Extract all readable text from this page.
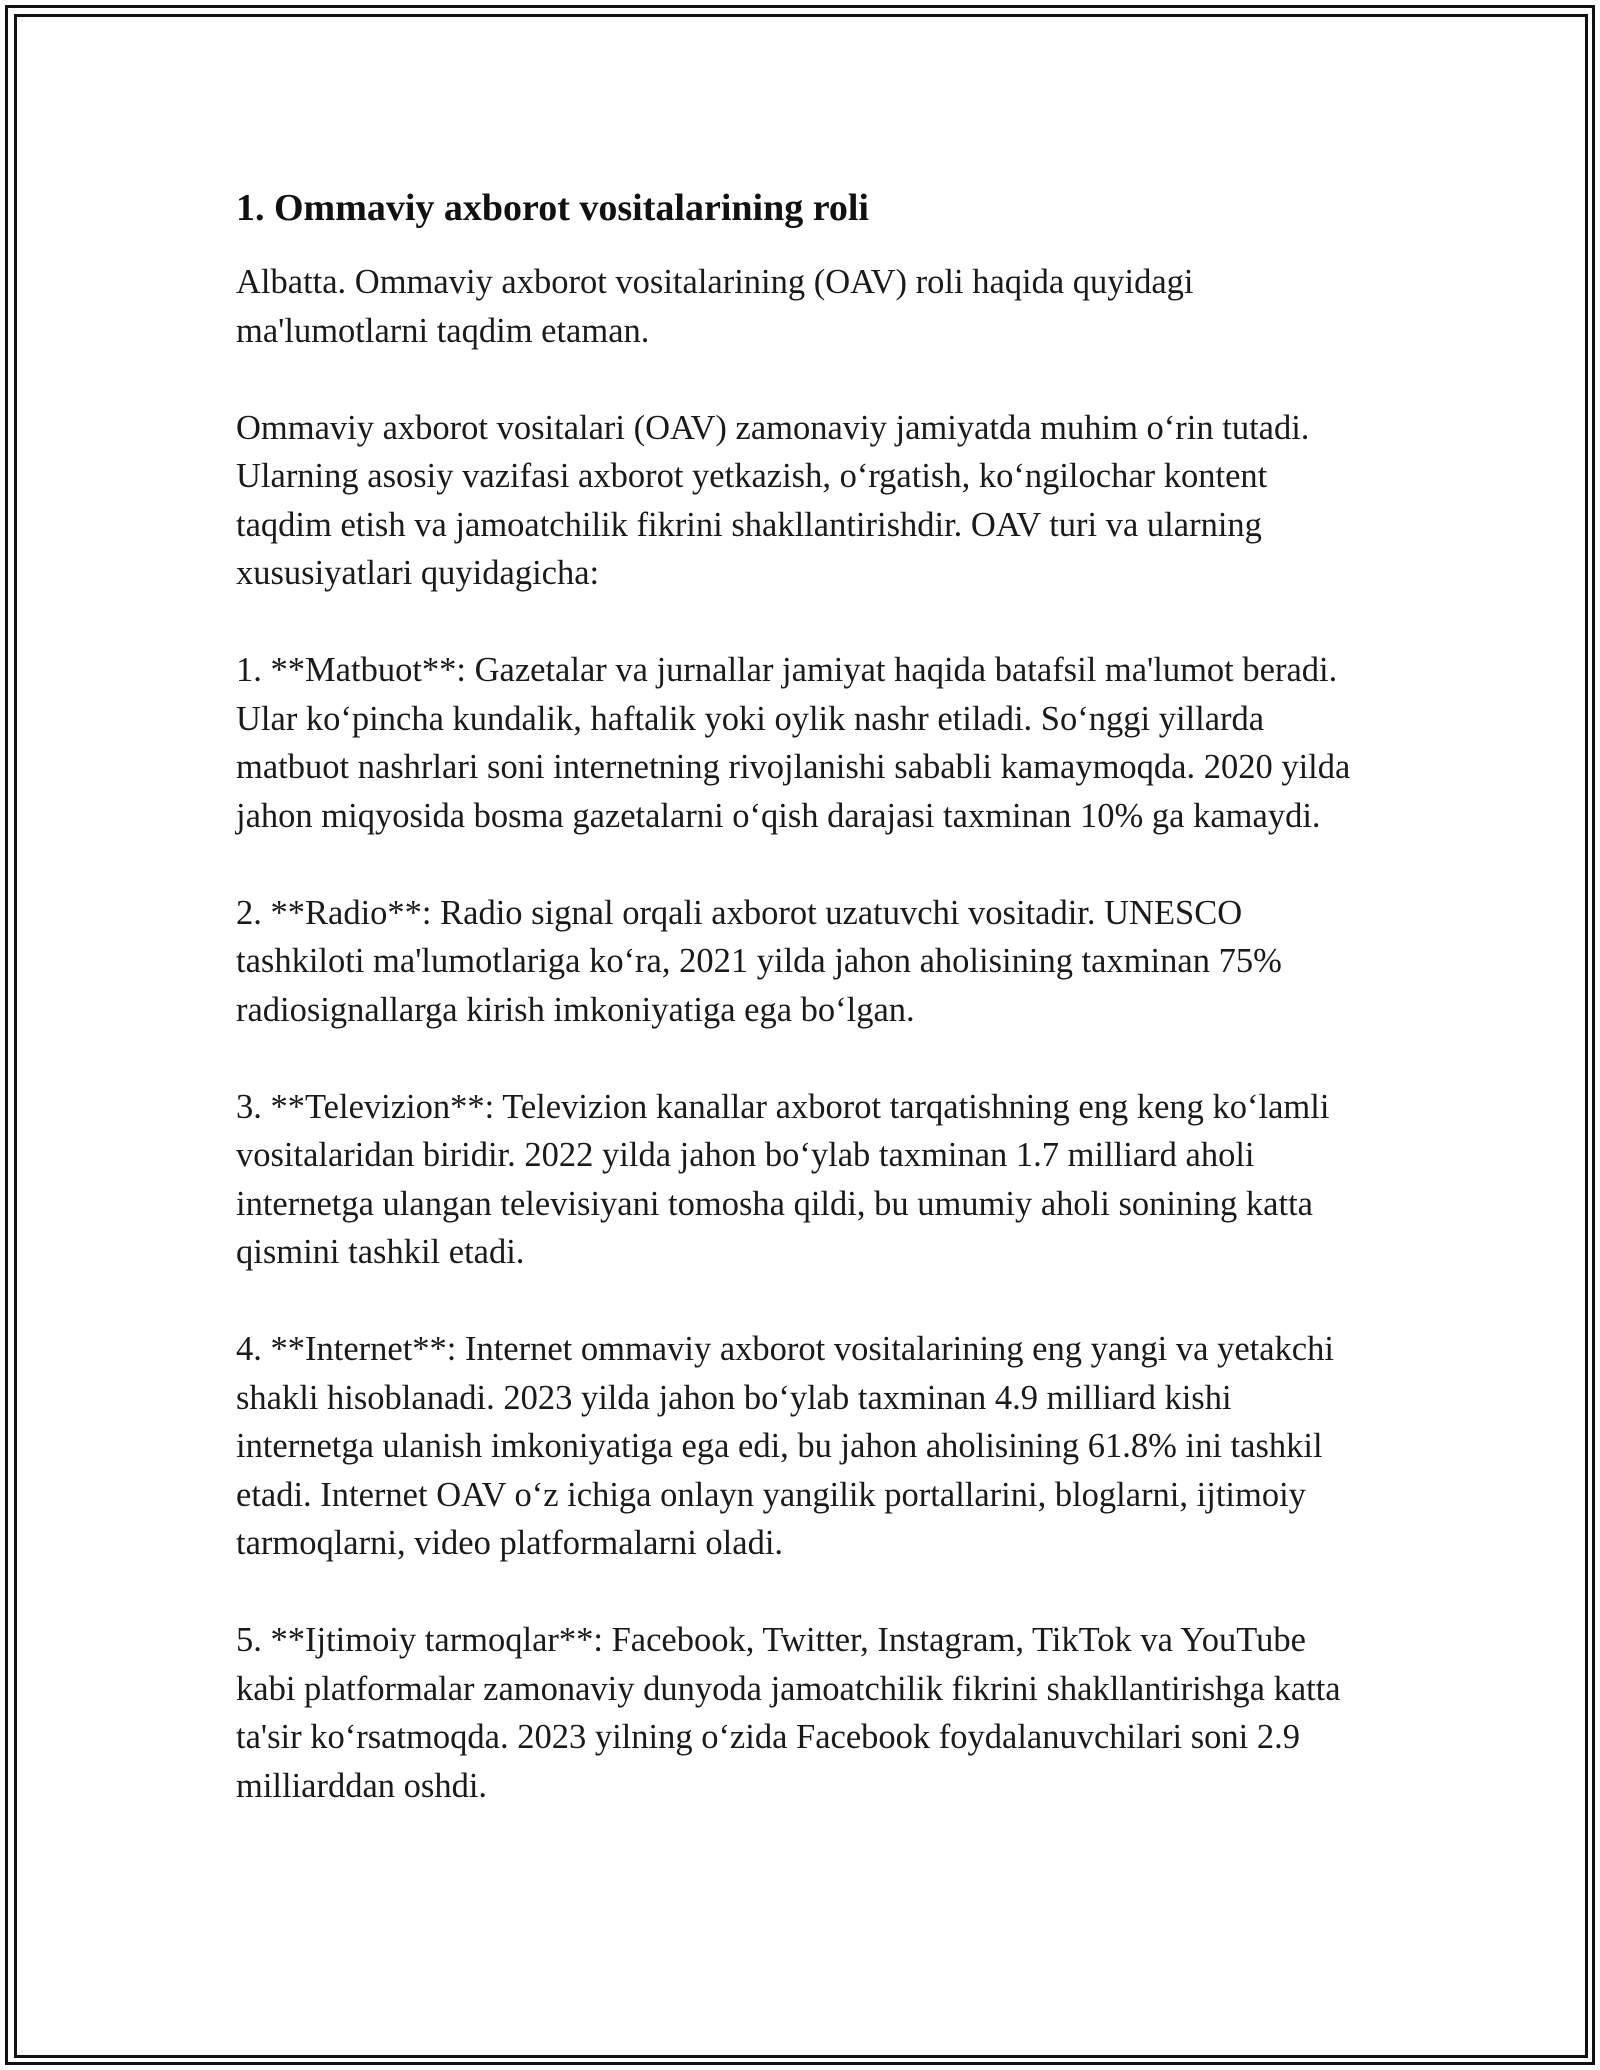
1. Ommaviy axborot vositalarining roli

Albatta. Ommaviy axborot vositalarining (OAV) roli haqida quyidagi ma'lumotlarni taqdim etaman.

Ommaviy axborot vositalari (OAV) zamonaviy jamiyatda muhim o‘rin tutadi. Ularning asosiy vazifasi axborot yetkazish, o‘rgatish, ko‘ngilochar kontent taqdim etish va jamoatchilik fikrini shakllantirishdir. OAV turi va ularning xususiyatlari quyidagicha:

1. **Matbuot**: Gazetalar va jurnallar jamiyat haqida batafsil ma'lumot beradi. Ular ko‘pincha kundalik, haftalik yoki oylik nashr etiladi. So‘nggi yillarda matbuot nashrlari soni internetning rivojlanishi sababli kamaymoqda. 2020 yilda jahon miqyosida bosma gazetalarni o‘qish darajasi taxminan 10% ga kamaydi.

2. **Radio**: Radio signal orqali axborot uzatuvchi vositadir. UNESCO tashkiloti ma'lumotlariga ko‘ra, 2021 yilda jahon aholisining taxminan 75% radiosignallarga kirish imkoniyatiga ega bo‘lgan.

3. **Televizion**: Televizion kanallar axborot tarqatishning eng keng ko‘lamli vositalaridan biridir. 2022 yilda jahon bo‘ylab taxminan 1.7 milliard aholi internetga ulangan televisiyani tomosha qildi, bu umumiy aholi sonining katta qismini tashkil etadi.

4. **Internet**: Internet ommaviy axborot vositalarining eng yangi va yetakchi shakli hisoblanadi. 2023 yilda jahon bo‘ylab taxminan 4.9 milliard kishi internetga ulanish imkoniyatiga ega edi, bu jahon aholisining 61.8% ini tashkil etadi. Internet OAV o‘z ichiga onlayn yangilik portallarini, bloglarni, ijtimoiy tarmoqlarni, video platformalarni oladi.

5. **Ijtimoiy tarmoqlar**: Facebook, Twitter, Instagram, TikTok va YouTube kabi platformalar zamonaviy dunyoda jamoatchilik fikrini shakllantirishga katta ta'sir ko‘rsatmoqda. 2023 yilning o‘zida Facebook foydalanuvchilari soni 2.9 milliarddan oshdi.
